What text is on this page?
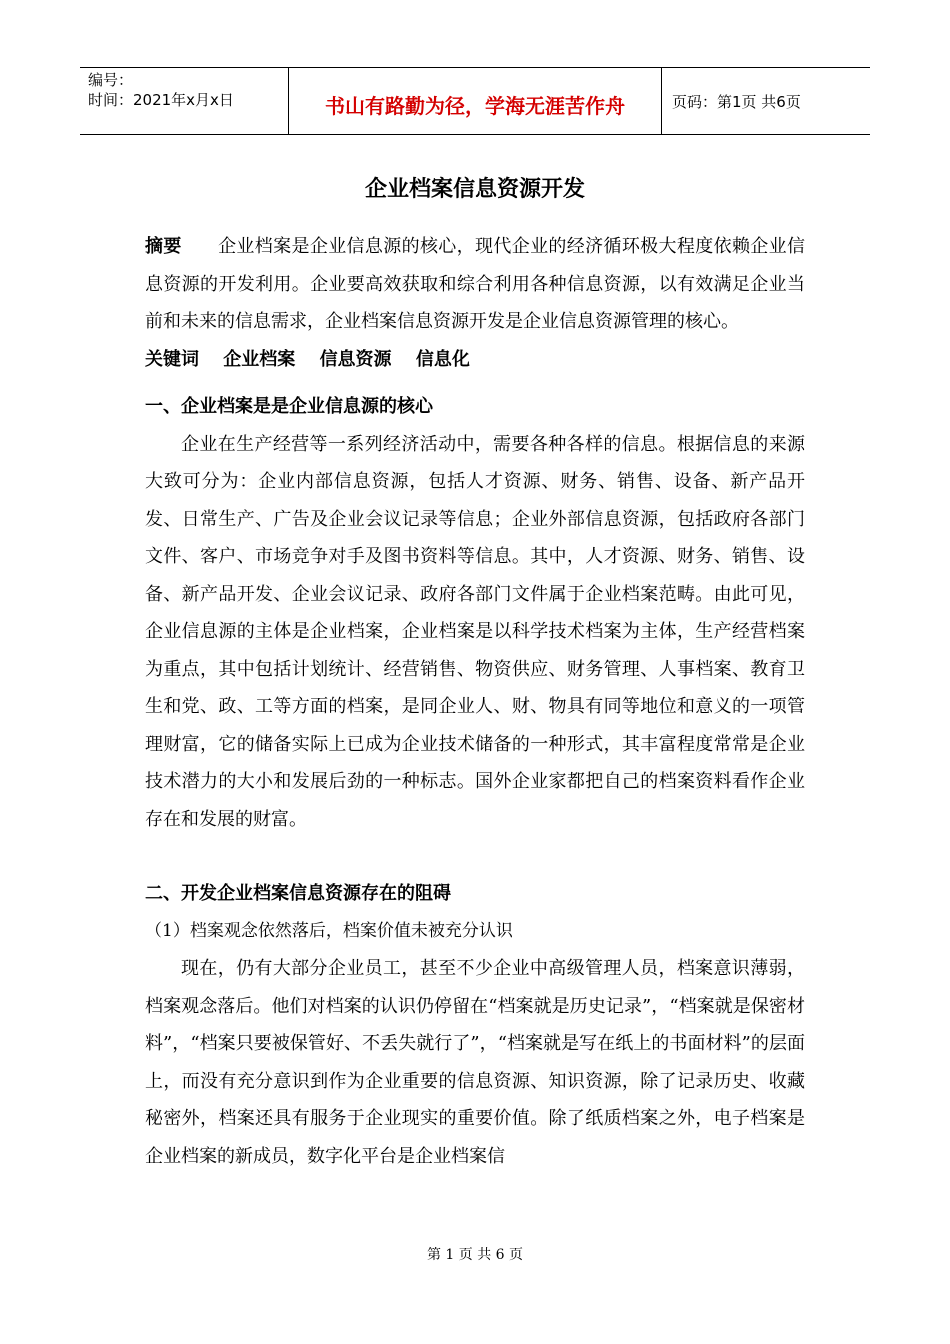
编号：
时间：2021年x月x日	书山有路勤为径，学海无涯苦作舟	页码：第1页 共6页
企业档案信息资源开发

摘要 企业档案是企业信息源的核心，现代企业的经济循环极大程度依赖企业信息资源的开发利用。企业要高效获取和综合利用各种信息资源，以有效满足企业当前和未来的信息需求，企业档案信息资源开发是企业信息资源管理的核心。

关键词 企业档案 信息资源 信息化

一、企业档案是是企业信息源的核心

企业在生产经营等一系列经济活动中，需要各种各样的信息。根据信息的来源大致可分为：企业内部信息资源，包括人才资源、财务、销售、设备、新产品开发、日常生产、广告及企业会议记录等信息；企业外部信息资源，包括政府各部门文件、客户、市场竞争对手及图书资料等信息。其中，人才资源、财务、销售、设备、新产品开发、企业会议记录、政府各部门文件属于企业档案范畴。由此可见，企业信息源的主体是企业档案，企业档案是以科学技术档案为主体，生产经营档案为重点，其中包括计划统计、经营销售、物资供应、财务管理、人事档案、教育卫生和党、政、工等方面的档案，是同企业人、财、物具有同等地位和意义的一项管理财富，它的储备实际上已成为企业技术储备的一种形式，其丰富程度常常是企业技术潜力的大小和发展后劲的一种标志。国外企业家都把自己的档案资料看作企业存在和发展的财富。

二、开发企业档案信息资源存在的阻碍

（1）档案观念依然落后，档案价值未被充分认识

现在，仍有大部分企业员工，甚至不少企业中高级管理人员，档案意识薄弱，档案观念落后。他们对档案的认识仍停留在“档案就是历史记录”，“档案就是保密材料”，“档案只要被保管好、不丢失就行了”，“档案就是写在纸上的书面材料”的层面上，而没有充分意识到作为企业重要的信息资源、知识资源，除了记录历史、收藏秘密外，档案还具有服务于企业现实的重要价值。除了纸质档案之外，电子档案是企业档案的新成员，数字化平台是企业档案信

第 1 页 共 6 页
